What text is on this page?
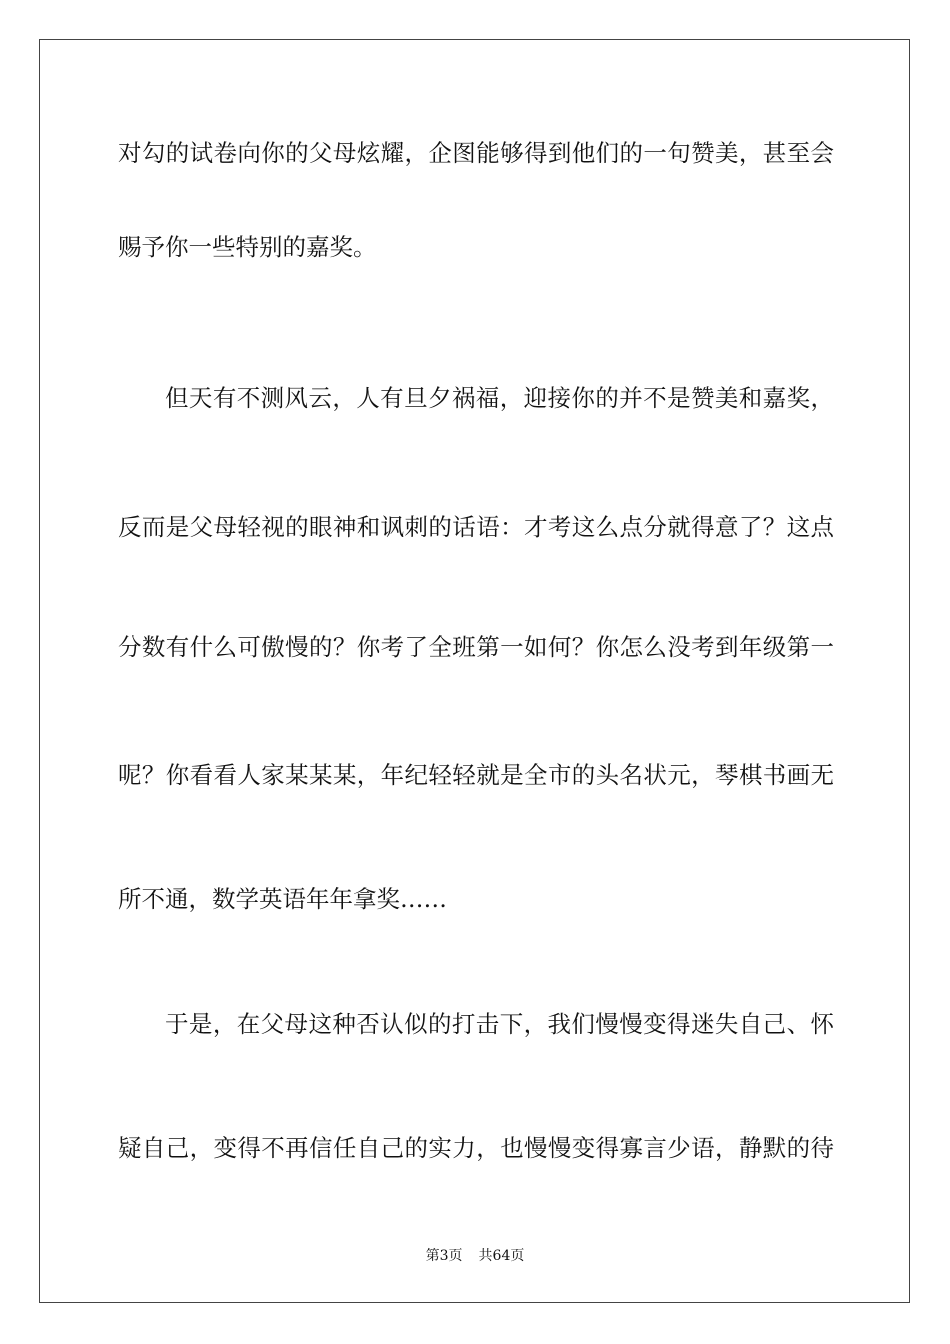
对勾的试卷向你的父母炫耀，企图能够得到他们的一句赞美，甚至会
赐予你一些特别的嘉奖。
但天有不测风云，人有旦夕祸福，迎接你的并不是赞美和嘉奖，
反而是父母轻视的眼神和讽刺的话语：才考这么点分就得意了？这点
分数有什么可傲慢的？你考了全班第一如何？你怎么没考到年级第一
呢？你看看人家某某某，年纪轻轻就是全市的头名状元，琴棋书画无
所不通，数学英语年年拿奖……
于是，在父母这种否认似的打击下，我们慢慢变得迷失自己、怀
疑自己，变得不再信任自己的实力，也慢慢变得寡言少语，静默的待
第3页 共64页
